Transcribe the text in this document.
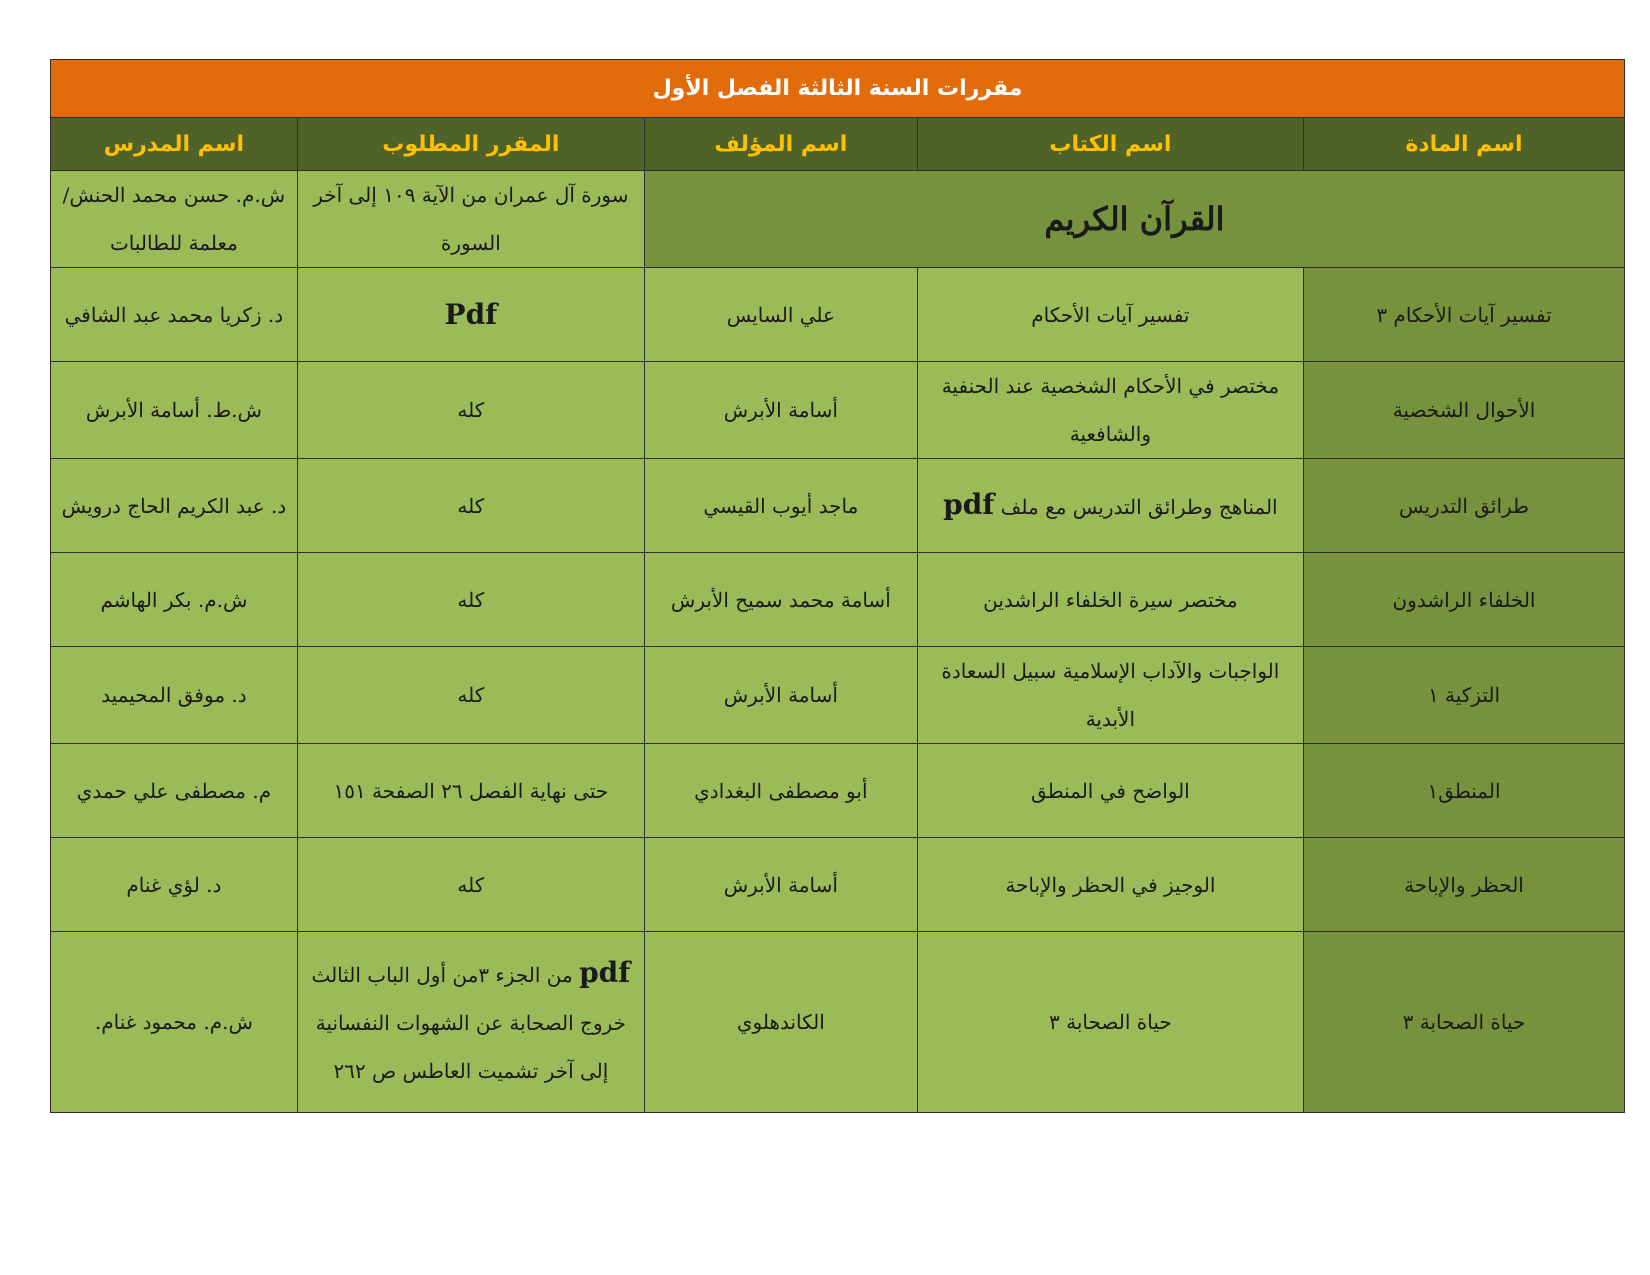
مقررات السنة الثالثة الفصل الأول				
اسم المادة	اسم الكتاب	اسم المؤلف	المقرر المطلوب	اسم المدرس
القرآن الكريم			سورة آل عمران من الآية ١٠٩ إلى آخر السورة	ش.م. حسن محمد الحنش/ معلمة للطالبات
تفسير آيات الأحكام ٣	تفسير آيات الأحكام	علي السايس	Pdf	د. زكريا محمد عبد الشافي
الأحوال الشخصية	مختصر في الأحكام الشخصية عند الحنفية والشافعية	أسامة الأبرش	كله	ش.ط. أسامة الأبرش
طرائق التدريس	المناهج وطرائق التدريس مع ملف pdf	ماجد أيوب القيسي	كله	د. عبد الكريم الحاج درويش
الخلفاء الراشدون	مختصر سيرة الخلفاء الراشدين	أسامة محمد سميح الأبرش	كله	ش.م. بكر الهاشم
التزكية ١	الواجبات والآداب الإسلامية سبيل السعادة الأبدية	أسامة الأبرش	كله	د. موفق المحيميد
المنطق١	الواضح في المنطق	أبو مصطفى البغدادي	حتى نهاية الفصل ٢٦ الصفحة ١٥١	م. مصطفى علي حمدي
الحظر والإباحة	الوجيز في الحظر والإباحة	أسامة الأبرش	كله	د. لؤي غنام
حياة الصحابة ٣	حياة الصحابة ٣	الكاندهلوي	pdf من الجزء ٣من أول الباب الثالث خروج الصحابة عن الشهوات النفسانية إلى آخر تشميت العاطس ص ٢٦٢	ش.م. محمود غنام.
